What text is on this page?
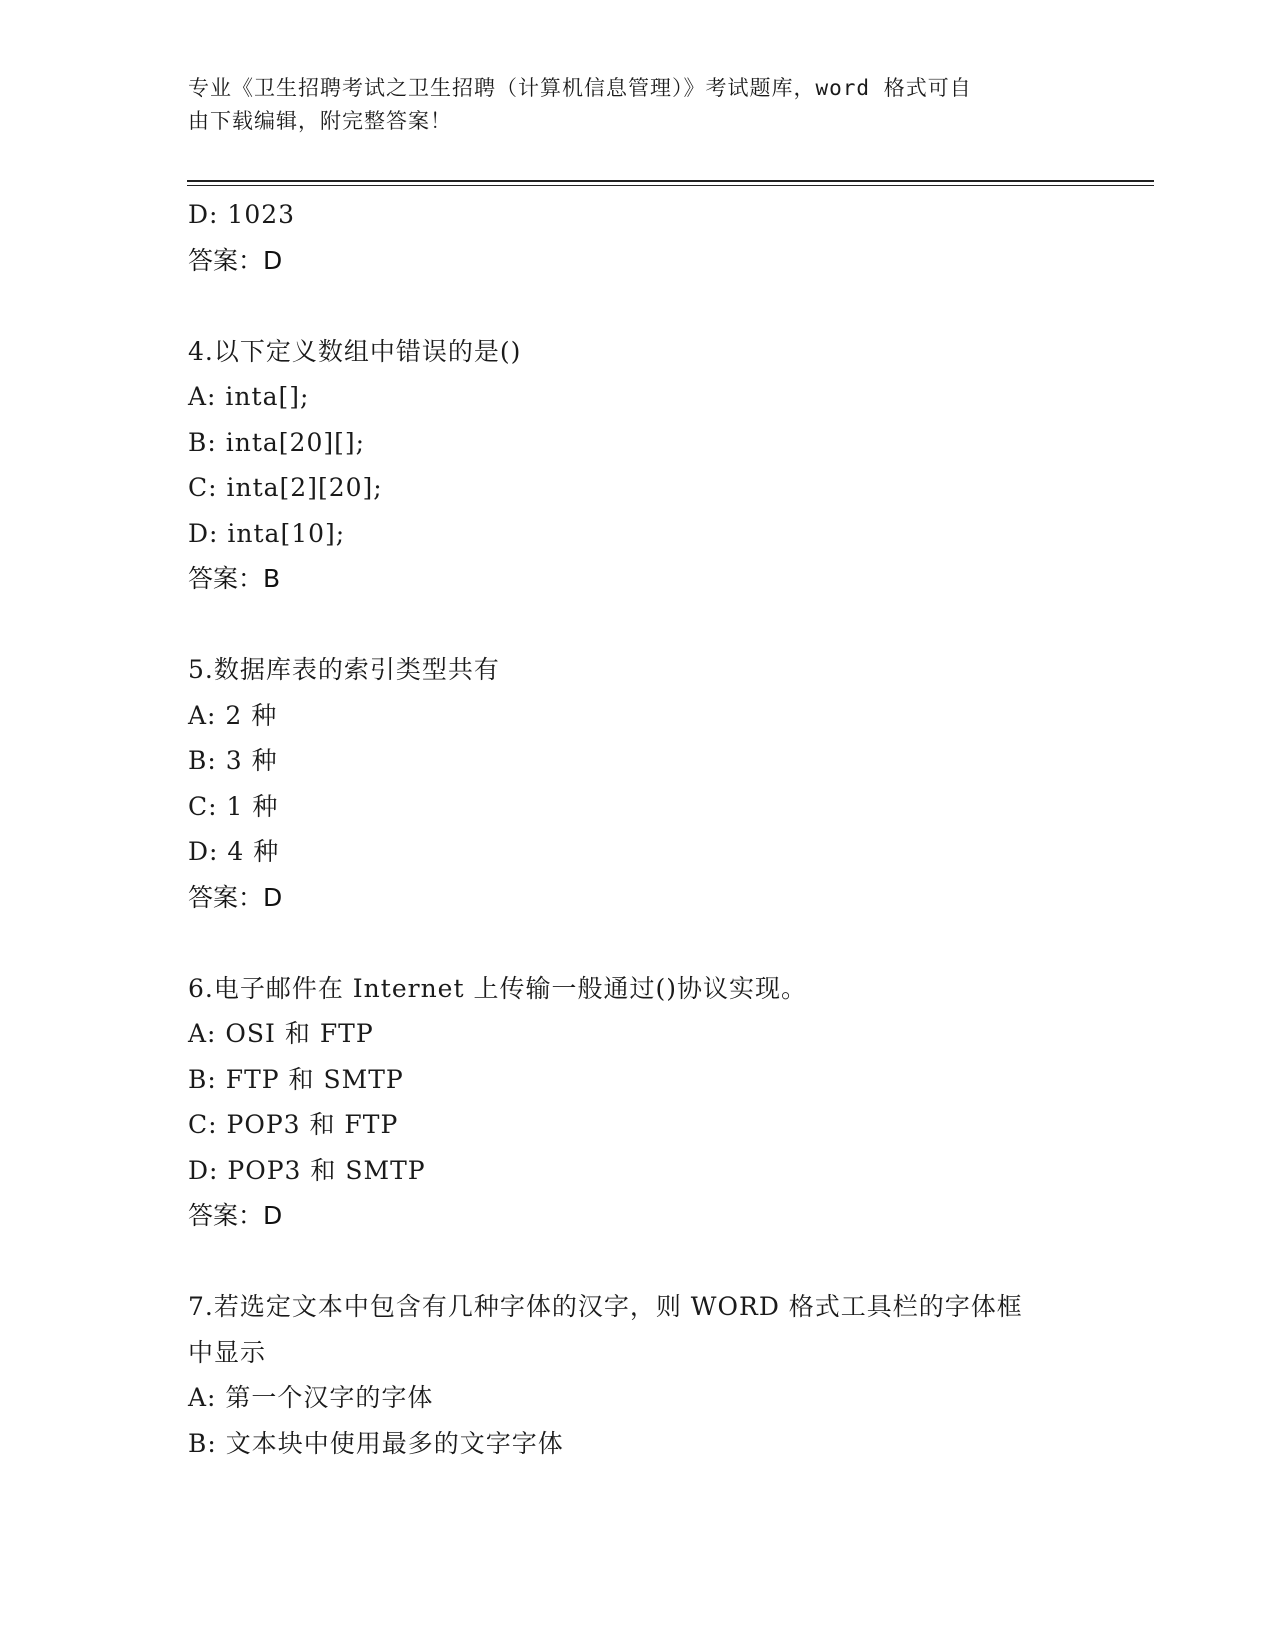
专业《卫生招聘考试之卫生招聘（计算机信息管理）》考试题库，word 格式可自
由下载编辑，附完整答案！
D: 1023
答案：D
4.以下定义数组中错误的是()
A: inta[];
B: inta[20][];
C: inta[2][20];
D: inta[10];
答案：B
5.数据库表的索引类型共有
A: 2 种
B: 3 种
C: 1 种
D: 4 种
答案：D
6.电子邮件在 Internet 上传输一般通过()协议实现。
A: OSI 和 FTP
B: FTP 和 SMTP
C: POP3 和 FTP
D: POP3 和 SMTP
答案：D
7.若选定文本中包含有几种字体的汉字，则 WORD 格式工具栏的字体框
中显示
A: 第一个汉字的字体
B: 文本块中使用最多的文字字体
